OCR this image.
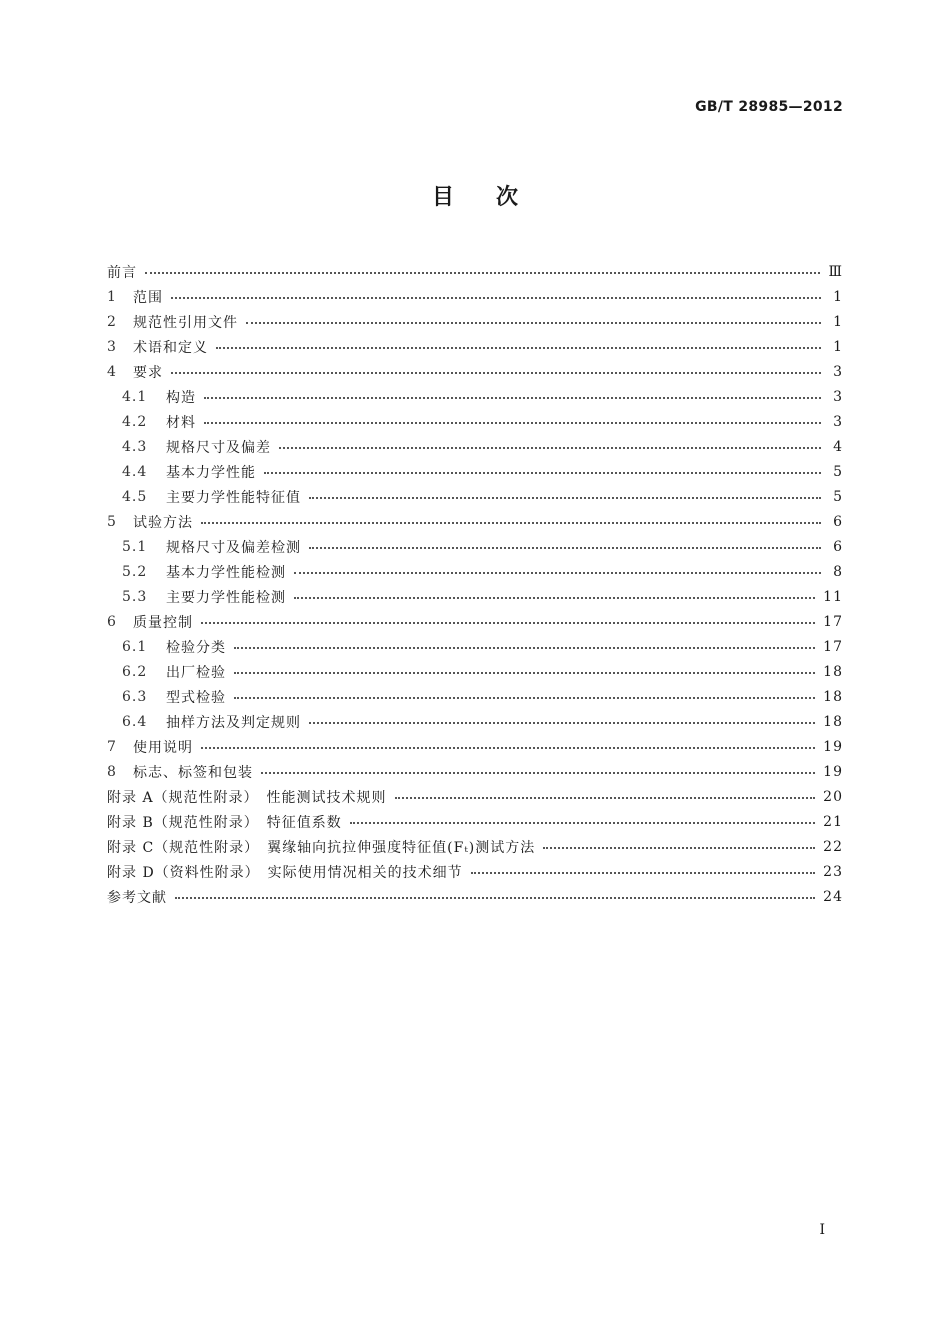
GB/T 28985—2012
目次
前言	Ⅲ
1	范围	1
2	规范性引用文件	1
3	术语和定义	1
4	要求	3
4.1	构造	3
4.2	材料	3
4.3	规格尺寸及偏差	4
4.4	基本力学性能	5
4.5	主要力学性能特征值	5
5	试验方法	6
5.1	规格尺寸及偏差检测	6
5.2	基本力学性能检测	8
5.3	主要力学性能检测	11
6	质量控制	17
6.1	检验分类	17
6.2	出厂检验	18
6.3	型式检验	18
6.4	抽样方法及判定规则	18
7	使用说明	19
8	标志、标签和包装	19
附录 A（规范性附录）　性能测试技术规则	20
附录 B（规范性附录）　特征值系数	21
附录 C（规范性附录）　翼缘轴向抗拉伸强度特征值(Fₜ)测试方法	22
附录 D（资料性附录）　实际使用情况相关的技术细节	23
参考文献	24
I
